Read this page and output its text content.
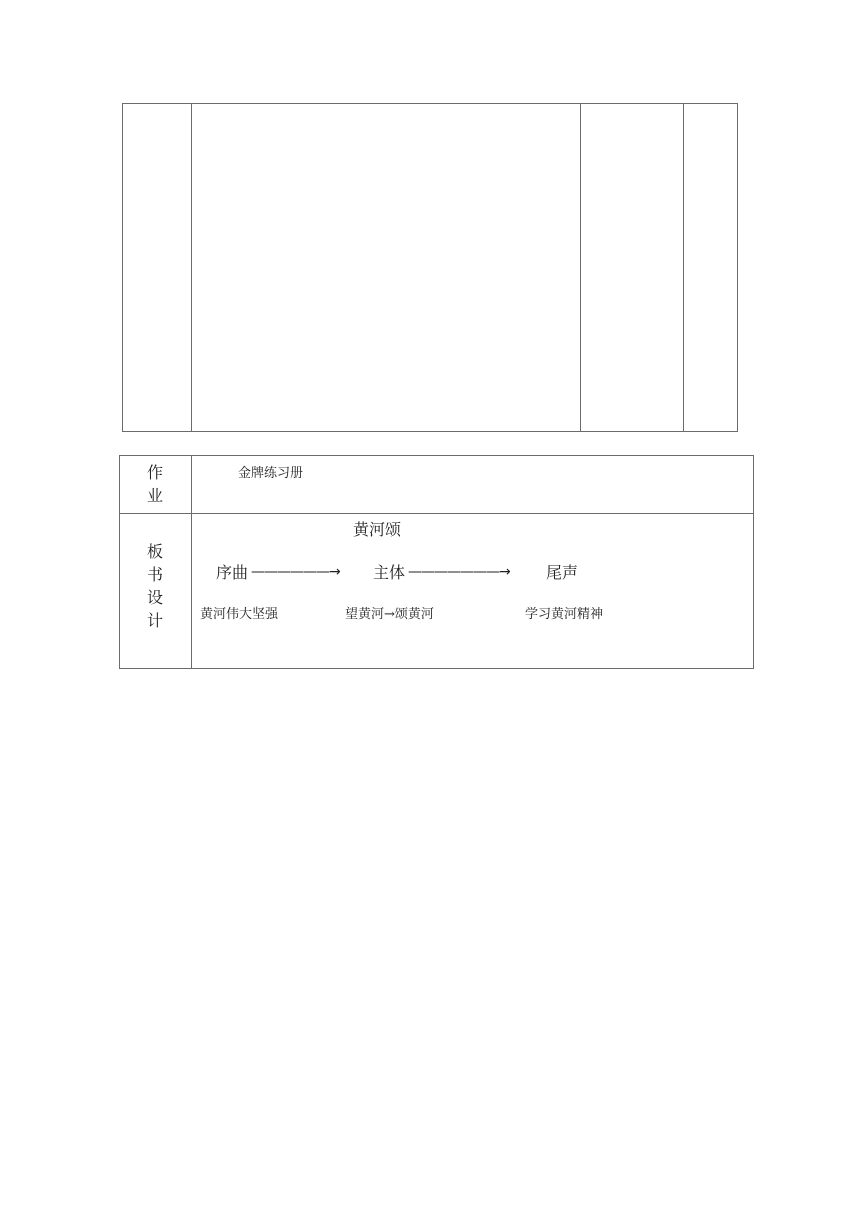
作
业
金牌练习册
板
书
设
计
黄河颂
序曲 ——————→ 主体 ———————→ 尾声
黄河伟大坚强	望黄河→颂黄河	学习黄河精神
